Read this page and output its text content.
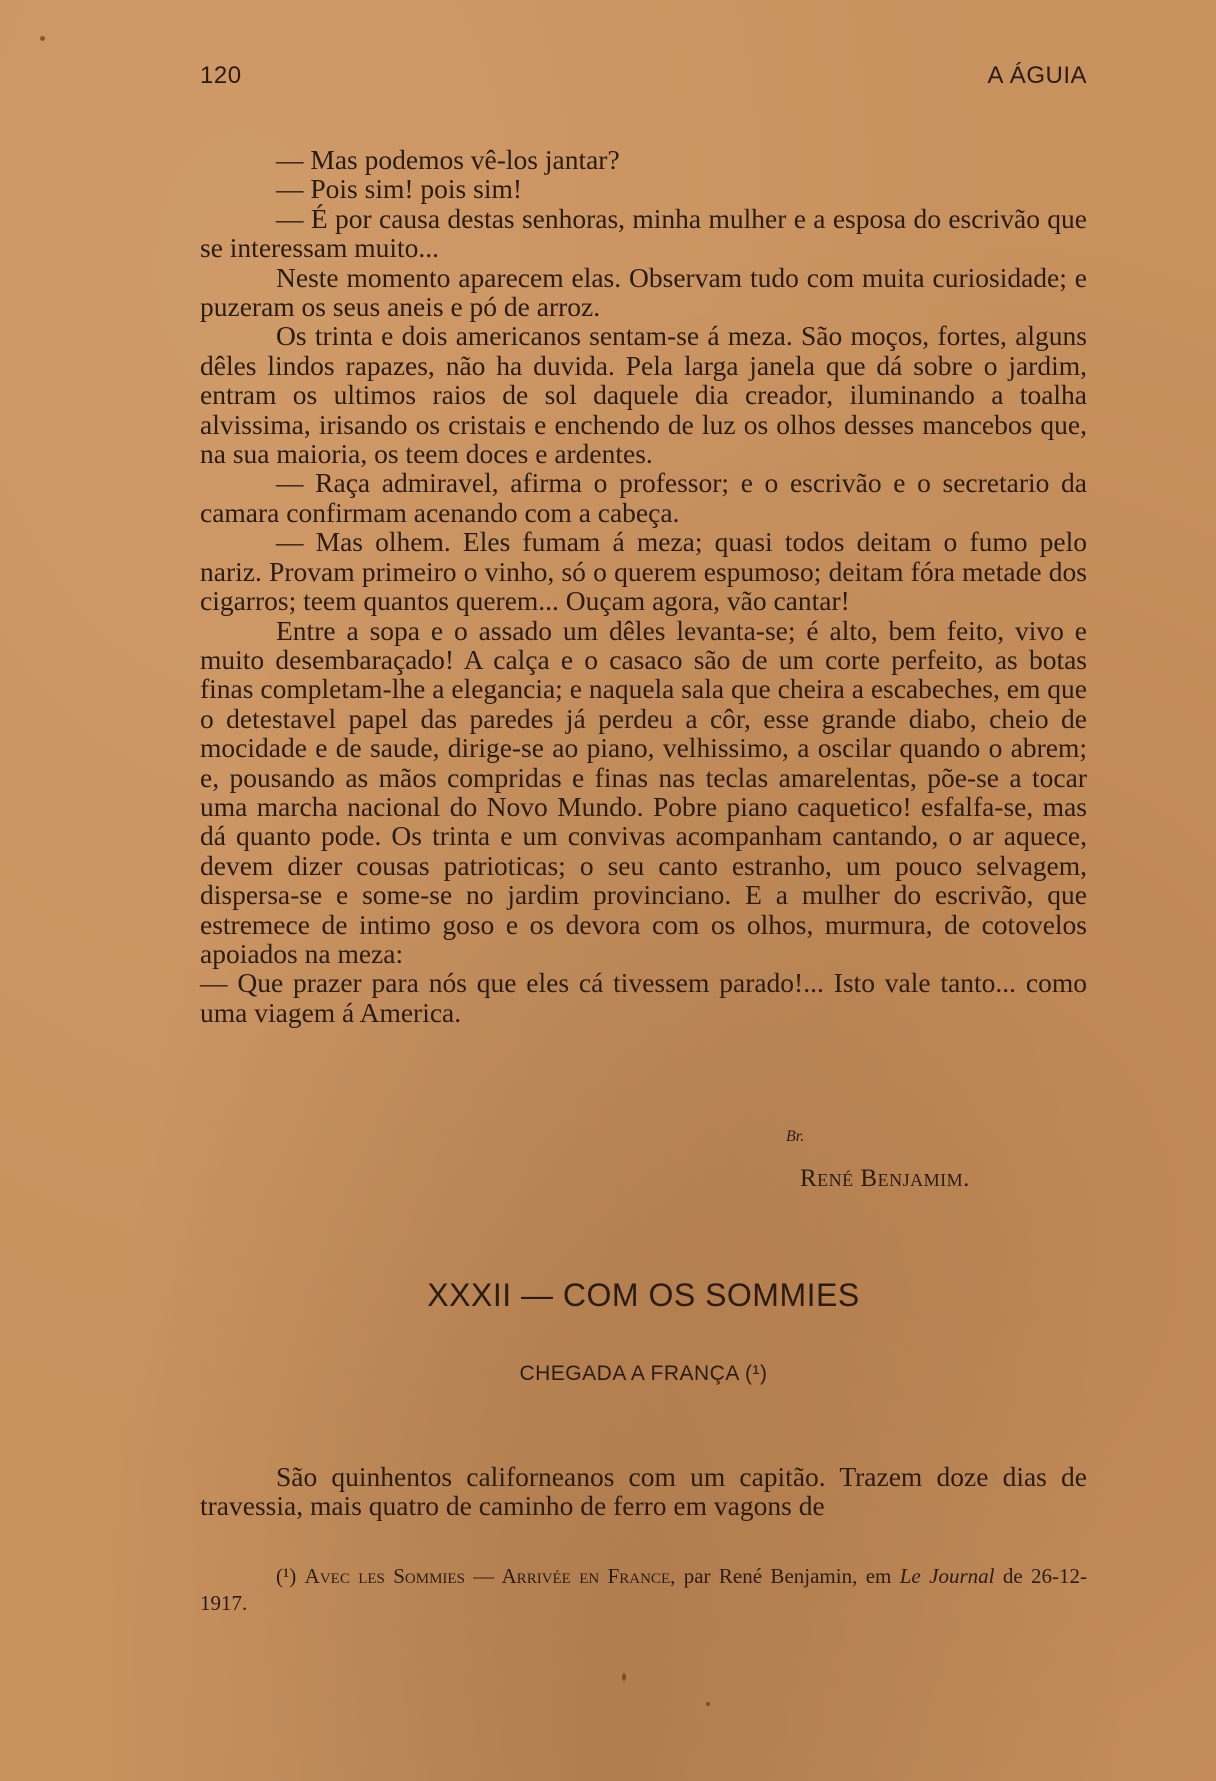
120	A ÁGUIA

— Mas podemos vê-los jantar?

— Pois sim! pois sim!

— É por causa destas senhoras, minha mulher e a esposa do escrivão que se interessam muito...

Neste momento aparecem elas. Observam tudo com muita curiosidade; e puzeram os seus aneis e pó de arroz.

Os trinta e dois americanos sentam-se á meza. São moços, fortes, alguns dêles lindos rapazes, não ha duvida. Pela larga janela que dá sobre o jardim, entram os ultimos raios de sol daquele dia creador, iluminando a toalha alvissima, irisando os cristais e enchendo de luz os olhos desses mancebos que, na sua maioria, os teem doces e ardentes.

— Raça admiravel, afirma o professor; e o escrivão e o secretario da camara confirmam acenando com a cabeça.

— Mas olhem. Eles fumam á meza; quasi todos deitam o fumo pelo nariz. Provam primeiro o vinho, só o querem espumoso; deitam fóra metade dos cigarros; teem quantos querem... Ouçam agora, vão cantar!

Entre a sopa e o assado um dêles levanta-se; é alto, bem feito, vivo e muito desembaraçado! A calça e o casaco são de um corte perfeito, as botas finas completam-lhe a elegancia; e naquela sala que cheira a escabeches, em que o detestavel papel das paredes já perdeu a côr, esse grande diabo, cheio de mocidade e de saude, dirige-se ao piano, velhissimo, a oscilar quando o abrem; e, pousando as mãos compridas e finas nas teclas amarelentas, põe-se a tocar uma marcha nacional do Novo Mundo. Pobre piano caquetico! esfalfa-se, mas dá quanto pode. Os trinta e um convivas acompanham cantando, o ar aquece, devem dizer cousas patrioticas; o seu canto estranho, um pouco selvagem, dispersa-se e some-se no jardim provinciano. E a mulher do escrivão, que estremece de intimo goso e os devora com os olhos, murmura, de cotovelos apoiados na meza:

— Que prazer para nós que eles cá tivessem parado!... Isto vale tanto... como uma viagem á America.

Br.
René Benjamim.
XXXII — COM OS SOMMIES
CHEGADA A FRANÇA (¹)

São quinhentos californeanos com um capitão. Trazem doze dias de travessia, mais quatro de caminho de ferro em vagons de

(¹) Avec les Sommies — Arrivée en France, par René Benjamin, em Le Journal de 26-12-1917.
